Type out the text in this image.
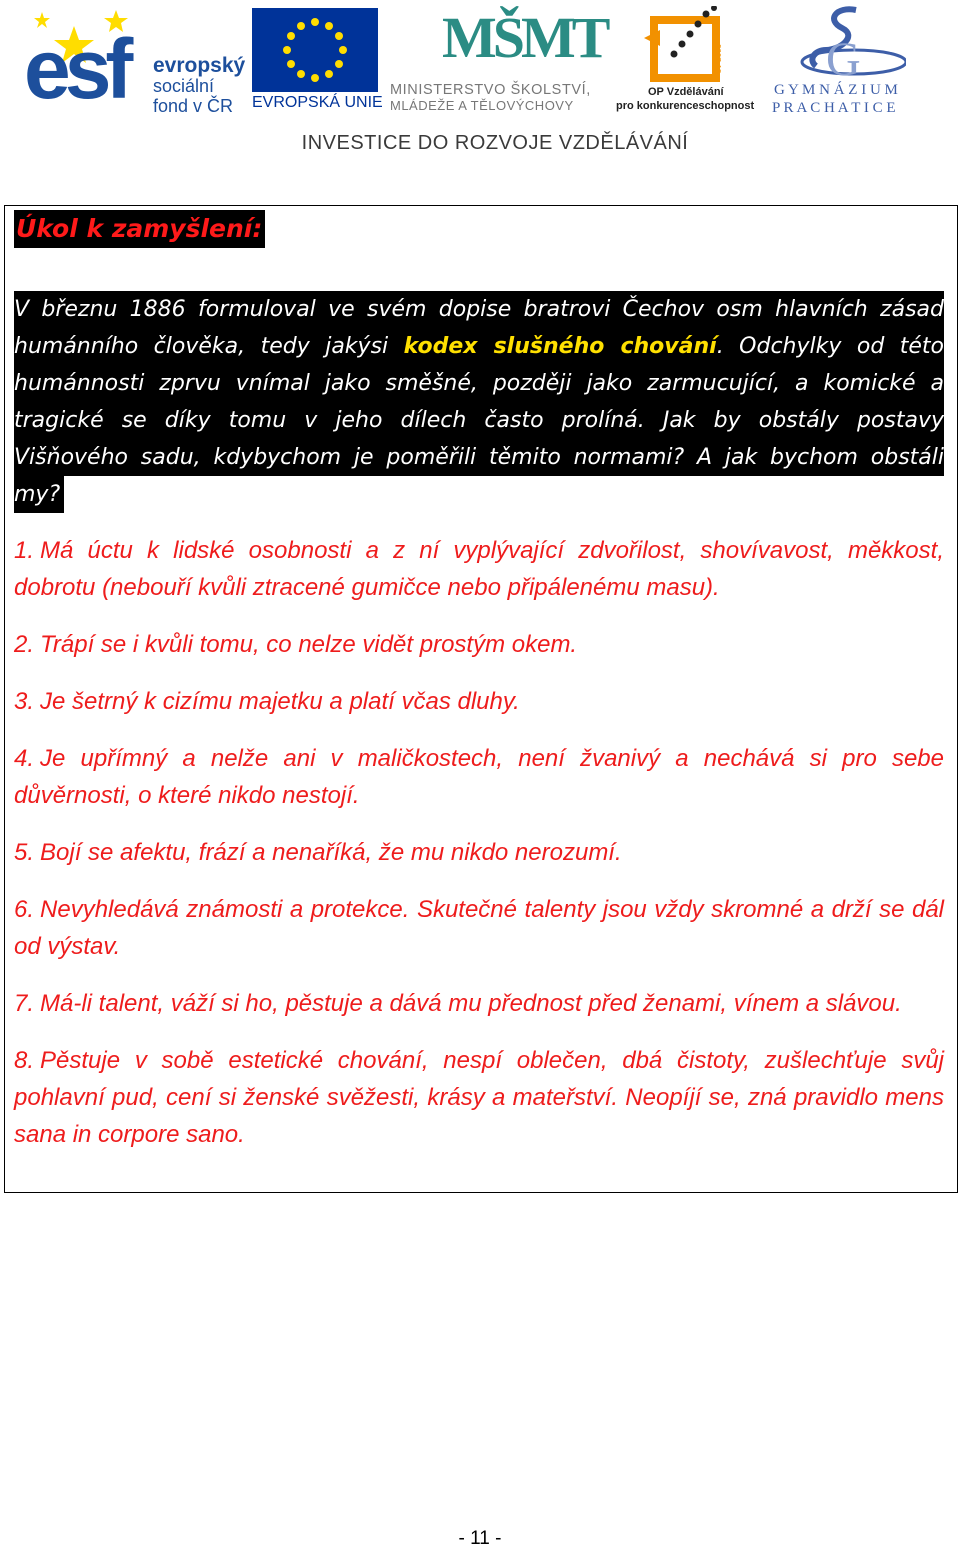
esf evropský
sociální
fond v ČR EVROPSKÁ UNIE
MŠMT
MINISTERSTVO ŠKOLSTVÍ,
MLÁDEŽE A TĚLOVÝCHOVY
2007-13
OP Vzdělávání
pro konkurenceschopnost
G
G Y M N Á Z I U M
P R A C H A T I C E
INVESTICE DO ROZVOJE VZDĚLÁVÁNÍ
Úkol k zamyšlení:
V březnu 1886 formuloval ve svém dopise bratrovi Čechov osm hlavních zásad
humánního člověka, tedy jakýsi kodex slušného chování. Odchylky od této
humánnosti zprvu vnímal jako směšné, později jako zarmucující, a komické a
tragické se díky tomu v jeho dílech často prolíná. Jak by obstály postavy
Višňového sadu, kdybychom je poměřili těmito normami? A jak bychom obstáli
my?
1. Má úctu k lidské osobnosti a z ní vyplývající zdvořilost, shovívavost, měkkost, dobrotu (nebouří kvůli ztracené gumičce nebo připálenému masu).
2. Trápí se i kvůli tomu, co nelze vidět prostým okem.
3. Je šetrný k cizímu majetku a platí včas dluhy.
4. Je upřímný a nelže ani v maličkostech, není žvanivý a nechává si pro sebe důvěrnosti, o které nikdo nestojí.
5. Bojí se afektu, frází a nenaříká, že mu nikdo nerozumí.
6. Nevyhledává známosti a protekce. Skutečné talenty jsou vždy skromné a drží se dál od výstav.
7. Má-li talent, váží si ho, pěstuje a dává mu přednost před ženami, vínem a slávou.
8. Pěstuje v sobě estetické chování, nespí oblečen, dbá čistoty, zušlechťuje svůj pohlavní pud, cení si ženské svěžesti, krásy a mateřství. Neopíjí se, zná pravidlo mens sana in corpore sano.
- 11 -
